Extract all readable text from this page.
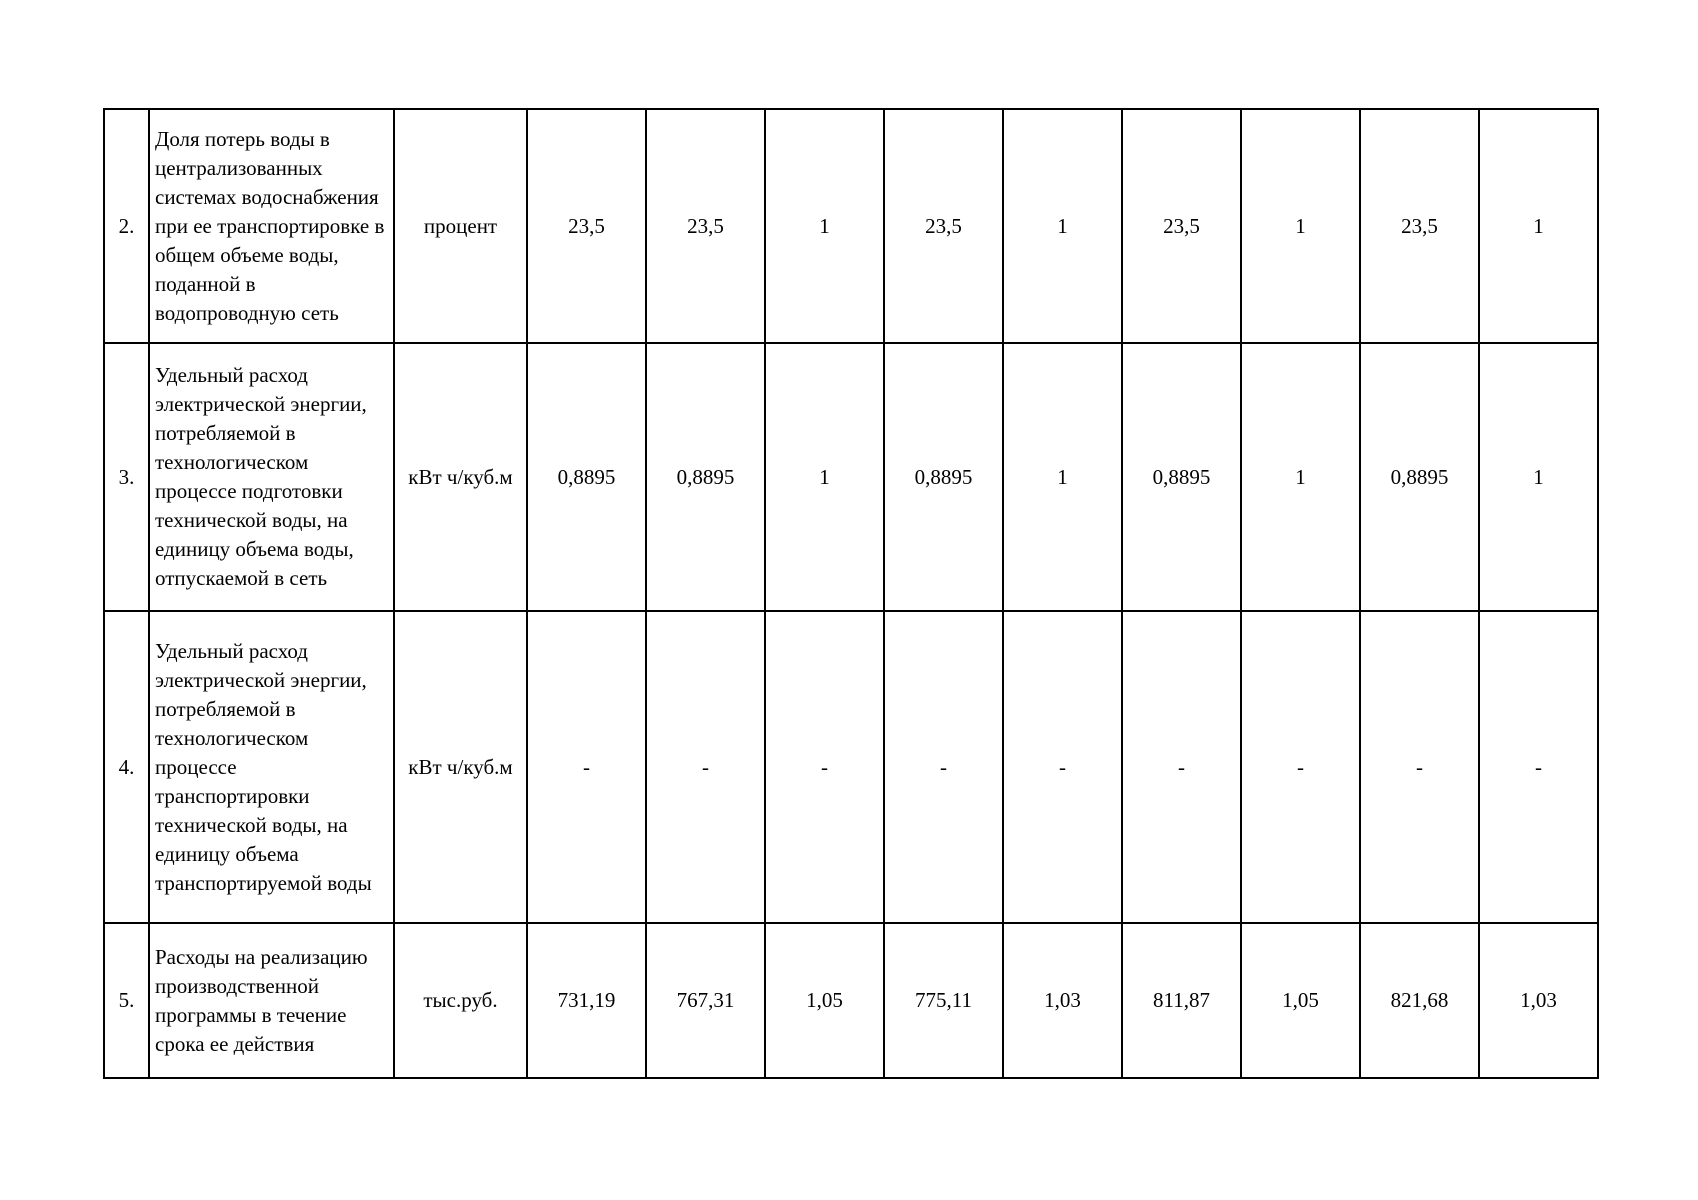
2.	Доля потерь воды в централизованных системах водоснабжения при ее транспортировке в общем объеме воды, поданной в водопроводную сеть	процент	23,5	23,5	1	23,5	1	23,5	1	23,5	1
3.	Удельный расход электрической энергии, потребляемой в технологическом процессе подготовки технической воды, на единицу объема воды, отпускаемой в сеть	кВт ч/куб.м	0,8895	0,8895	1	0,8895	1	0,8895	1	0,8895	1
4.	Удельный расход электрической энергии, потребляемой в технологическом процессе транспортировки технической воды, на единицу объема транспортируемой воды	кВт ч/куб.м	-	-	-	-	-	-	-	-	-
5.	Расходы на реализацию производственной программы в течение срока ее действия	тыс.руб.	731,19	767,31	1,05	775,11	1,03	811,87	1,05	821,68	1,03
